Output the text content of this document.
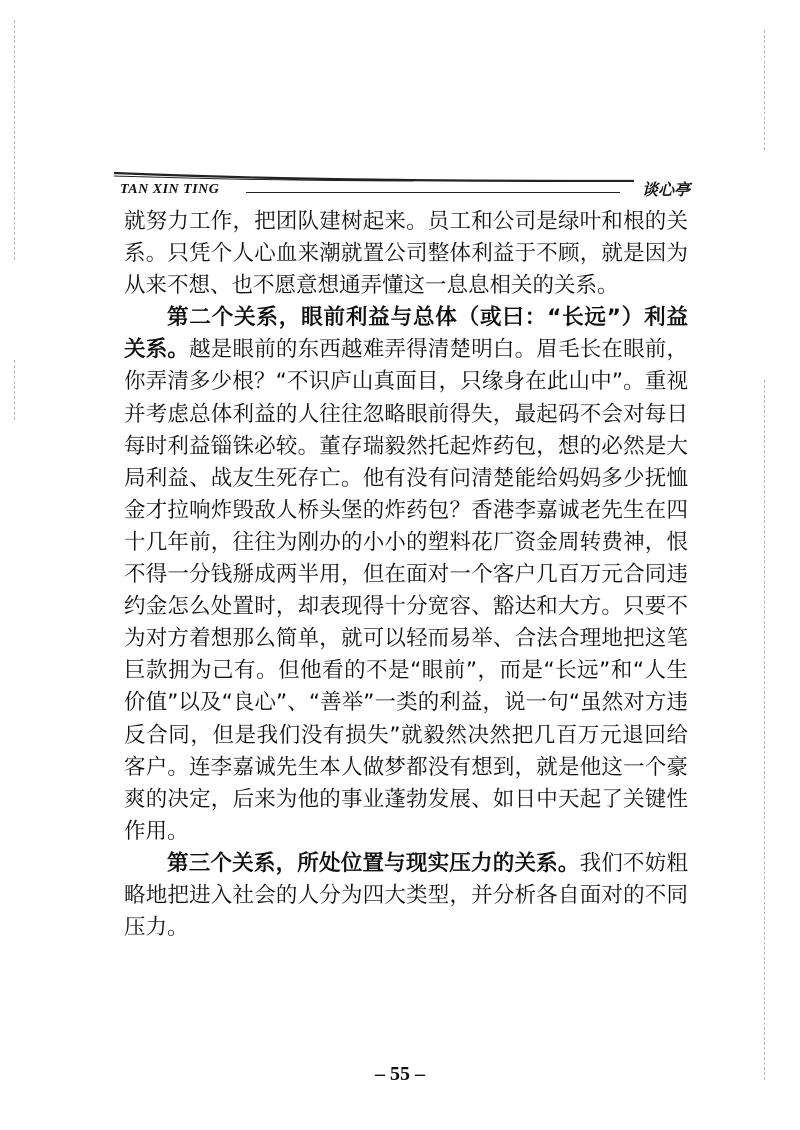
TAN XIN TING	谈心亭

就努力工作，把团队建树起来。员工和公司是绿叶和根的关系。只凭个人心血来潮就置公司整体利益于不顾，就是因为从来不想、也不愿意想通弄懂这一息息相关的关系。

第二个关系，眼前利益与总体（或曰：“长远”）利益关系。越是眼前的东西越难弄得清楚明白。眉毛长在眼前，你弄清多少根？“不识庐山真面目，只缘身在此山中”。重视并考虑总体利益的人往往忽略眼前得失，最起码不会对每日每时利益锱铢必较。董存瑞毅然托起炸药包，想的必然是大局利益、战友生死存亡。他有没有问清楚能给妈妈多少抚恤金才拉响炸毁敌人桥头堡的炸药包？香港李嘉诚老先生在四十几年前，往往为刚办的小小的塑料花厂资金周转费神，恨不得一分钱掰成两半用，但在面对一个客户几百万元合同违约金怎么处置时，却表现得十分宽容、豁达和大方。只要不为对方着想那么简单，就可以轻而易举、合法合理地把这笔巨款拥为己有。但他看的不是“眼前”，而是“长远”和“人生价值”以及“良心”、“善举”一类的利益，说一句“虽然对方违反合同，但是我们没有损失”就毅然决然把几百万元退回给客户。连李嘉诚先生本人做梦都没有想到，就是他这一个豪爽的决定，后来为他的事业蓬勃发展、如日中天起了关键性作用。

第三个关系，所处位置与现实压力的关系。我们不妨粗略地把进入社会的人分为四大类型，并分析各自面对的不同压力。

– 55 –
